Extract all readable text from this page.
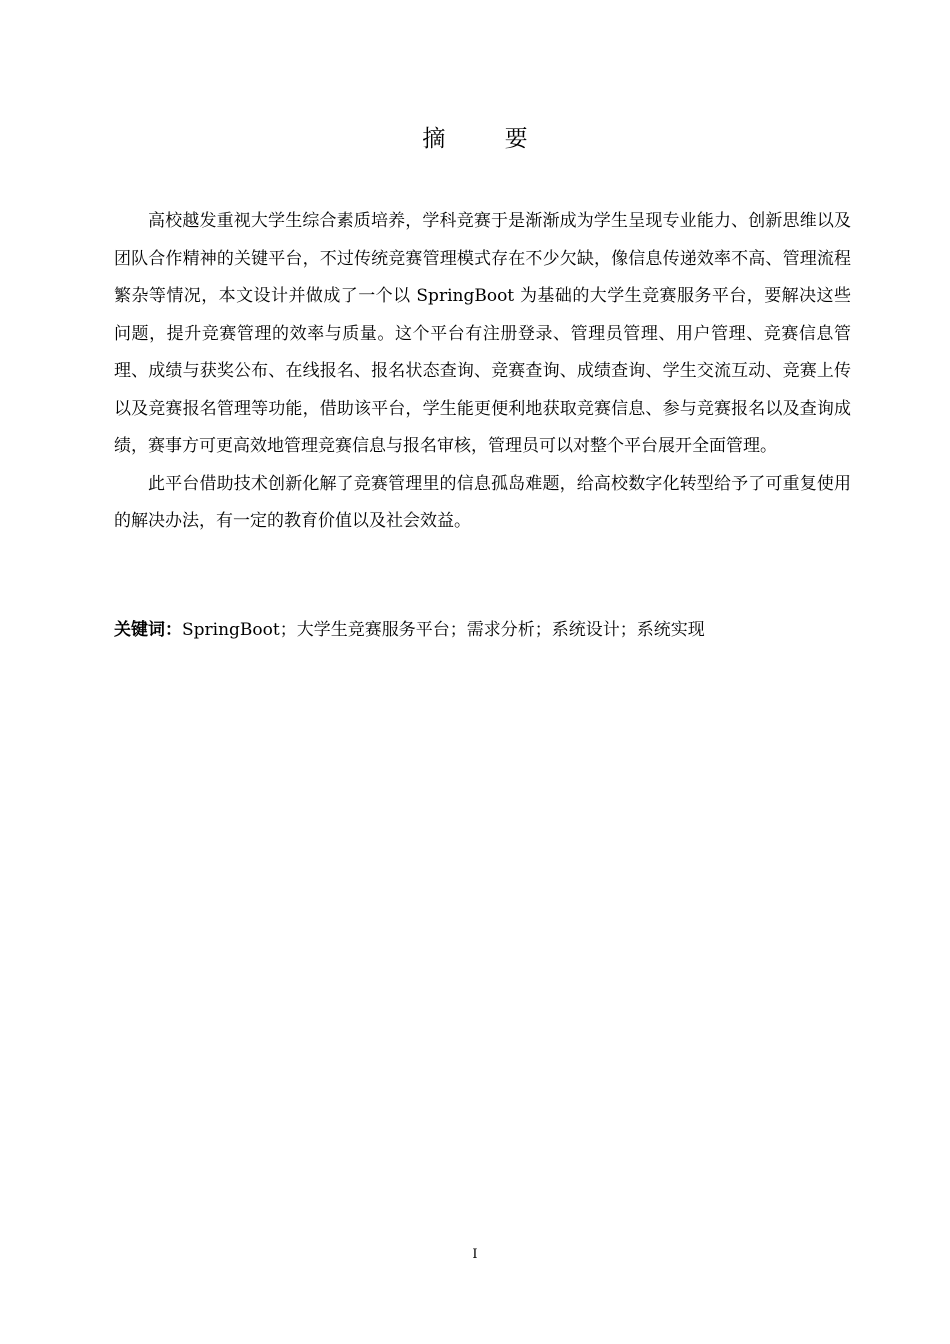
摘 要

高校越发重视大学生综合素质培养，学科竞赛于是渐渐成为学生呈现专业能力、创新思维以及团队合作精神的关键平台，不过传统竞赛管理模式存在不少欠缺，像信息传递效率不高、管理流程繁杂等情况，本文设计并做成了一个以 SpringBoot 为基础的大学生竞赛服务平台，要解决这些问题，提升竞赛管理的效率与质量。这个平台有注册登录、管理员管理、用户管理、竞赛信息管理、成绩与获奖公布、在线报名、报名状态查询、竞赛查询、成绩查询、学生交流互动、竞赛上传以及竞赛报名管理等功能，借助该平台，学生能更便利地获取竞赛信息、参与竞赛报名以及查询成绩，赛事方可更高效地管理竞赛信息与报名审核，管理员可以对整个平台展开全面管理。

此平台借助技术创新化解了竞赛管理里的信息孤岛难题，给高校数字化转型给予了可重复使用的解决办法，有一定的教育价值以及社会效益。

关键词：SpringBoot；大学生竞赛服务平台；需求分析；系统设计；系统实现
I
